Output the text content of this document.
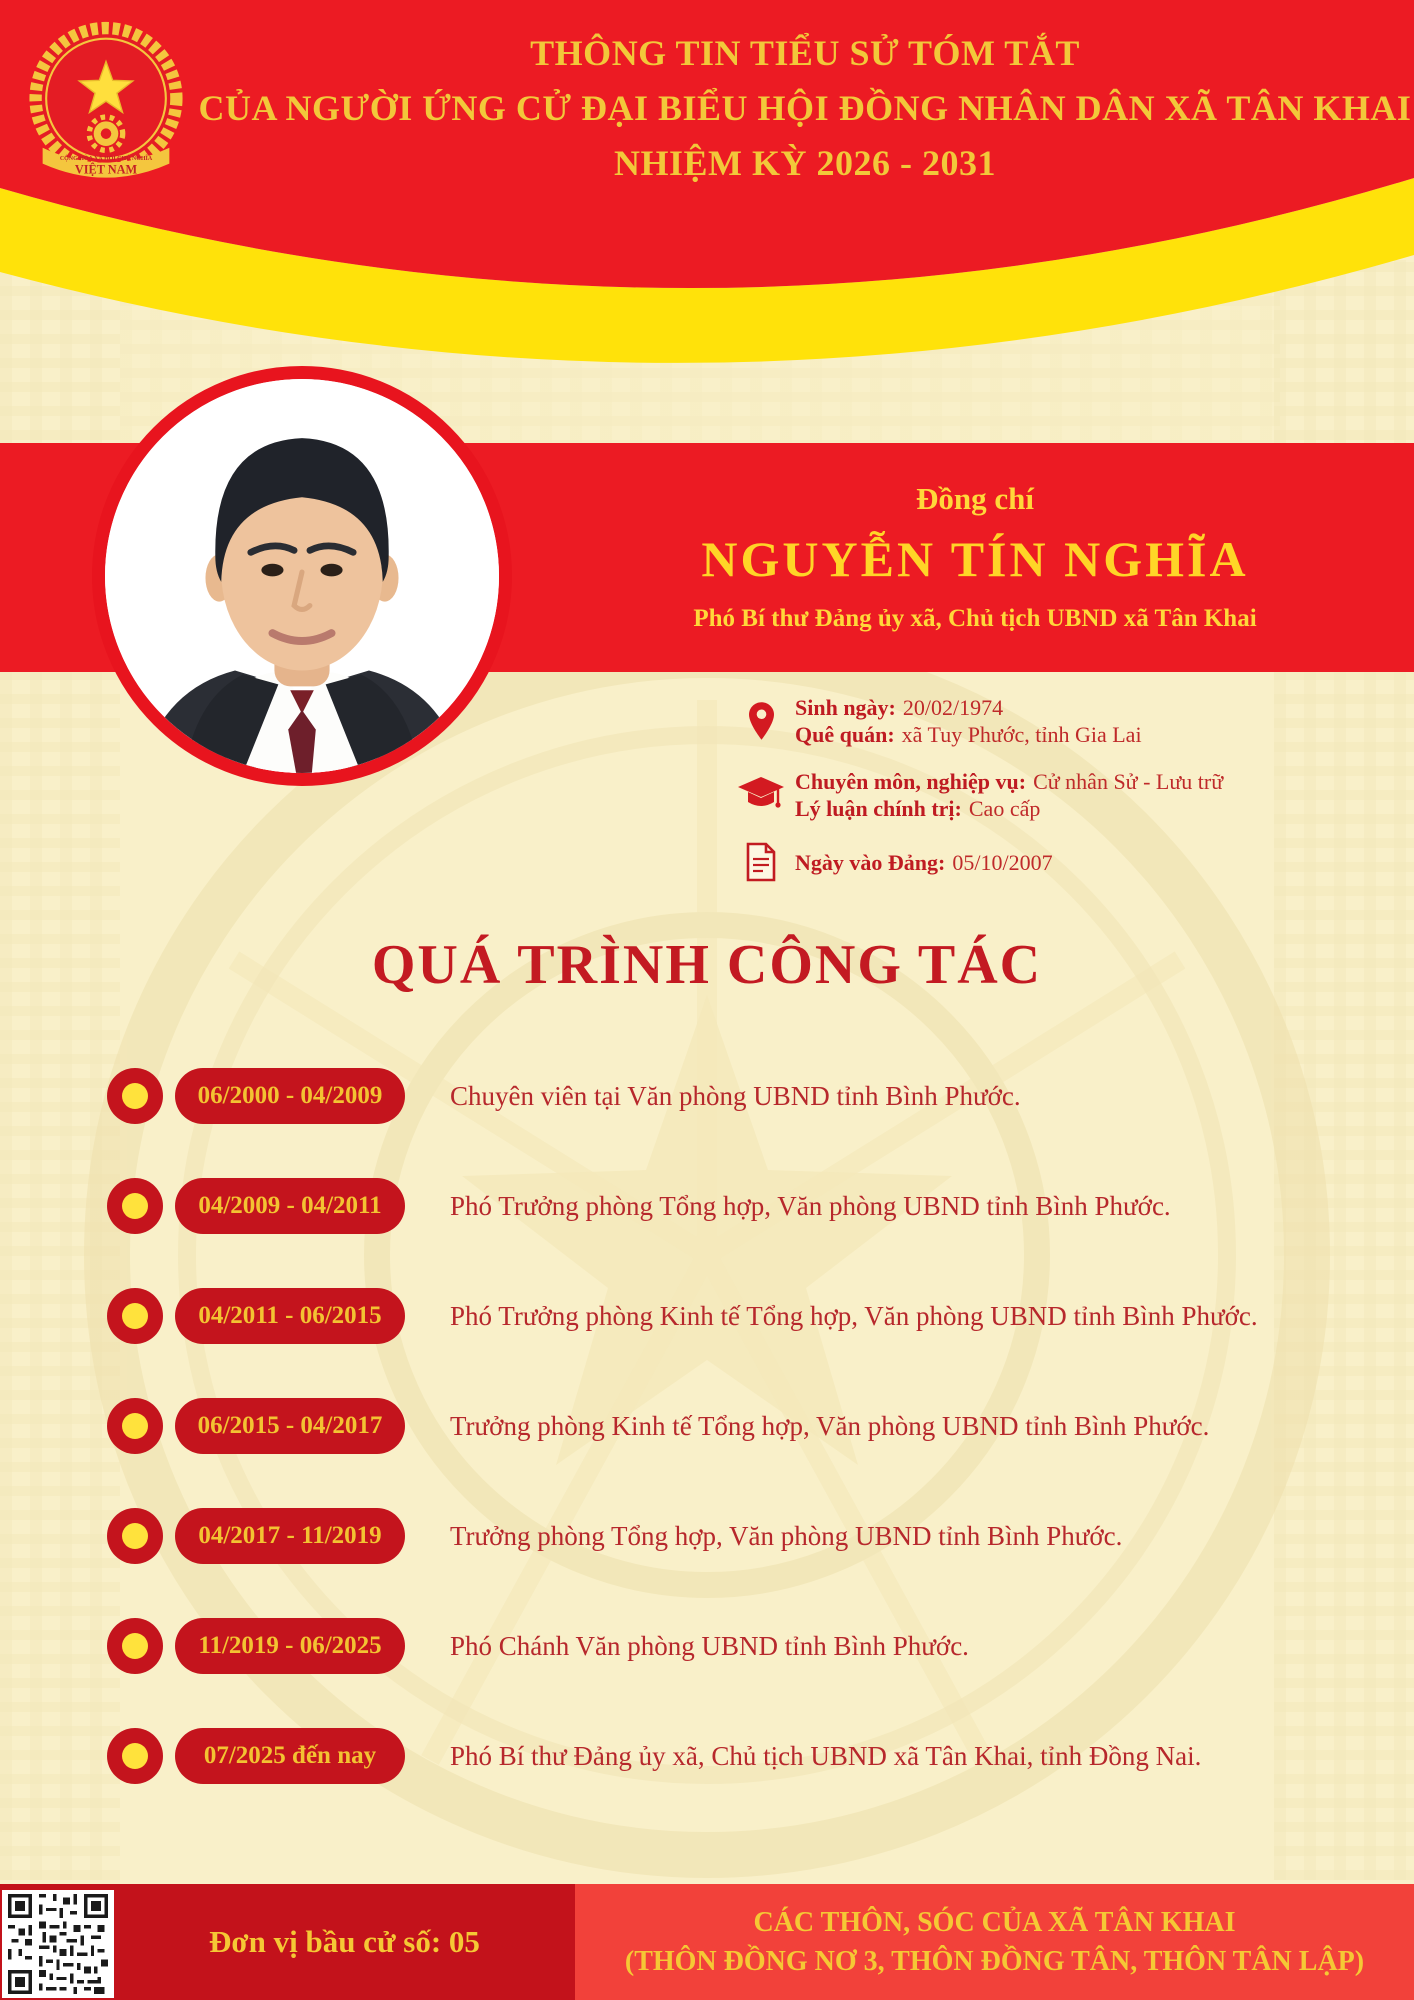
CỘNG HÒA XÃ HỘI CHỦ NGHĨA
VIỆT NAM
THÔNG TIN TIỂU SỬ TÓM TẮT
CỦA NGƯỜI ỨNG CỬ ĐẠI BIỂU HỘI ĐỒNG NHÂN DÂN XÃ TÂN KHAI
NHIỆM KỲ 2026 - 2031
Đồng chí
NGUYỄN TÍN NGHĨA
Phó Bí thư Đảng ủy xã, Chủ tịch UBND xã Tân Khai
Sinh ngày: 20/02/1974
Quê quán: xã Tuy Phước, tỉnh Gia Lai
Chuyên môn, nghiệp vụ: Cử nhân Sử - Lưu trữ
Lý luận chính trị: Cao cấp
Ngày vào Đảng: 05/10/2007
QUÁ TRÌNH CÔNG TÁC
06/2000 - 04/2009	Chuyên viên tại Văn phòng UBND tỉnh Bình Phước.
04/2009 - 04/2011	Phó Trưởng phòng Tổng hợp, Văn phòng UBND tỉnh Bình Phước.
04/2011 - 06/2015	Phó Trưởng phòng Kinh tế Tổng hợp, Văn phòng UBND tỉnh Bình Phước.
06/2015 - 04/2017	Trưởng phòng Kinh tế Tổng hợp, Văn phòng UBND tỉnh Bình Phước.
04/2017 - 11/2019	Trưởng phòng Tổng hợp, Văn phòng UBND tỉnh Bình Phước.
11/2019 - 06/2025	Phó Chánh Văn phòng UBND tỉnh Bình Phước.
07/2025 đến nay	Phó Bí thư Đảng ủy xã, Chủ tịch UBND xã Tân Khai, tỉnh Đồng Nai.
Đơn vị bầu cử số: 05
CÁC THÔN, SÓC CỦA XÃ TÂN KHAI
(THÔN ĐỒNG NƠ 3, THÔN ĐỒNG TÂN, THÔN TÂN LẬP)
